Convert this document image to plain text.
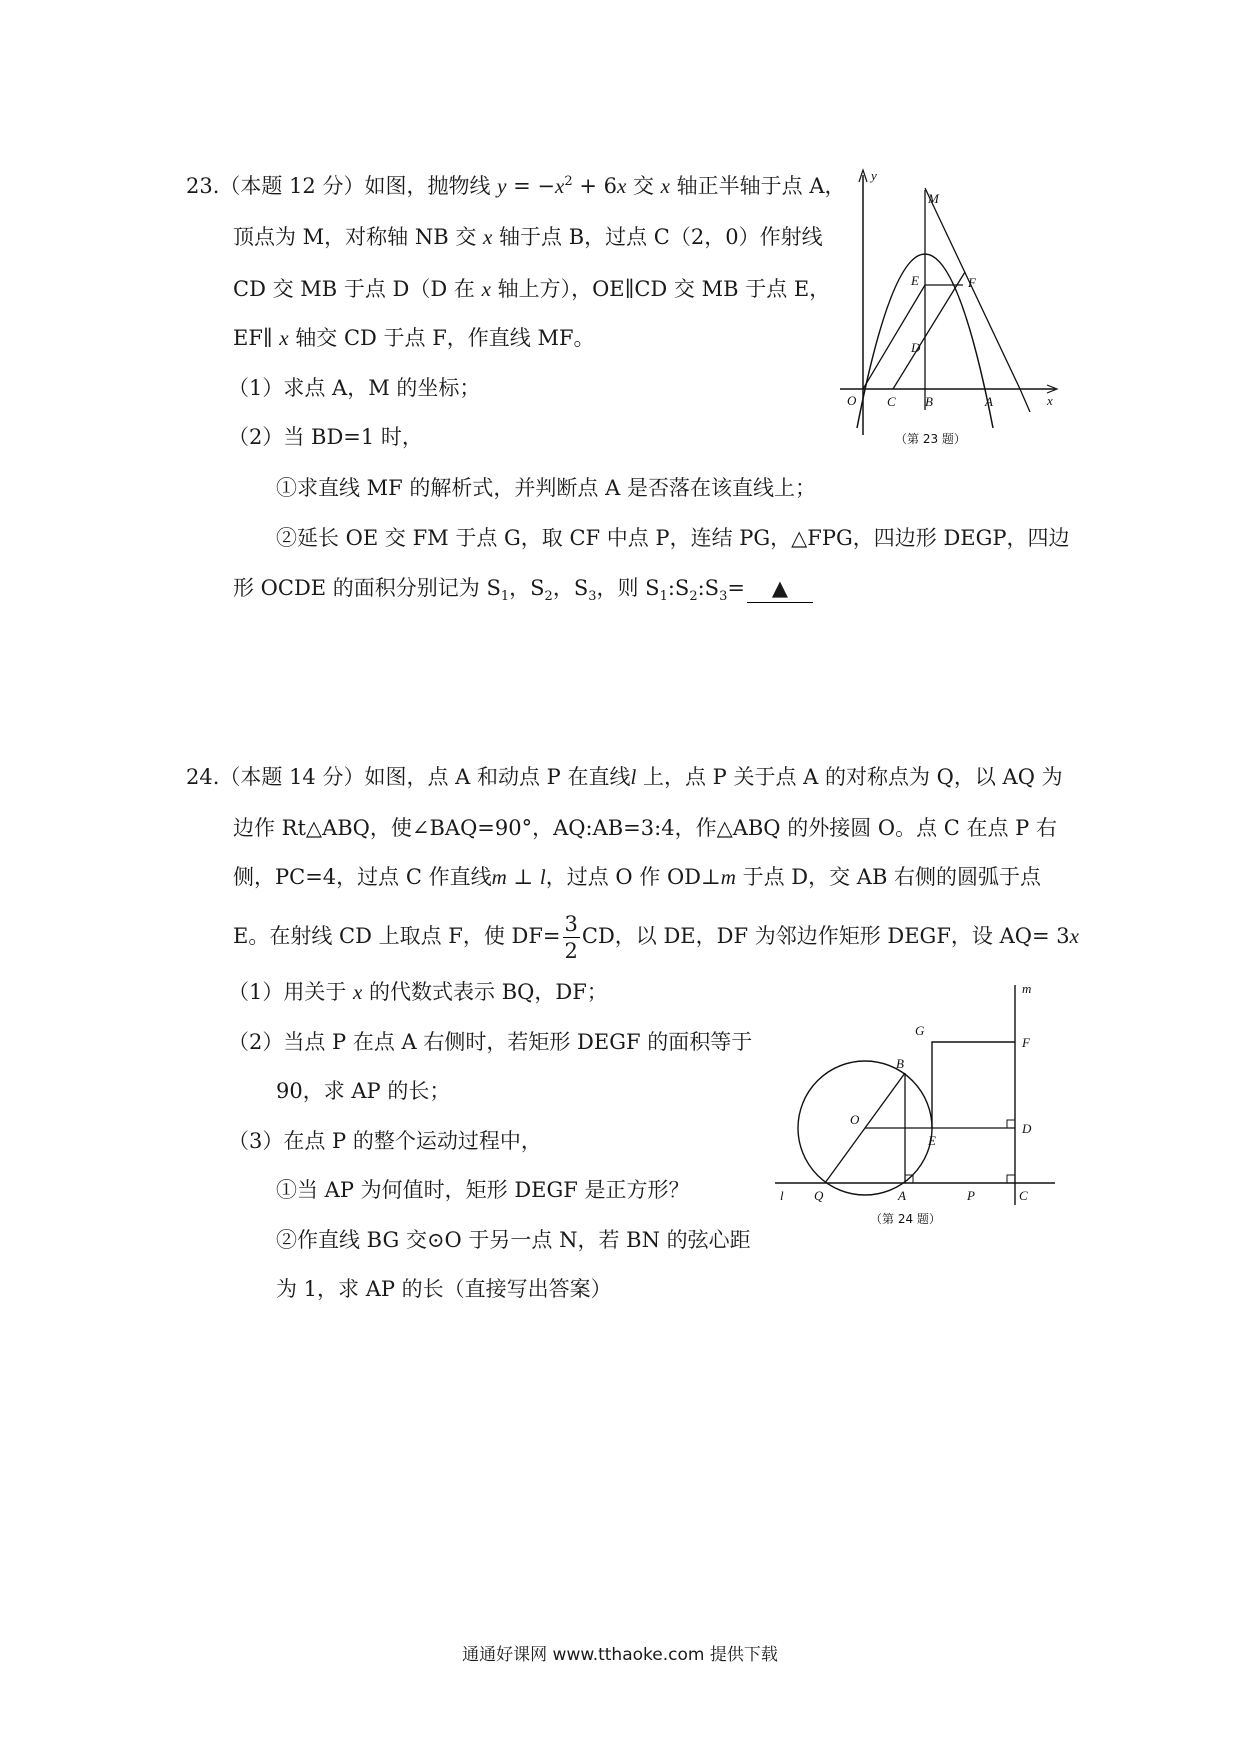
23.（本题 12 分）如图，抛物线 $y = -x^2 + 6x$ 交 x 轴正半轴于点 A，
顶点为 M，对称轴 NB 交 x 轴于点 B，过点 C（2，0）作射线
CD 交 MB 于点 D（D 在 x 轴上方），OE∥CD 交 MB 于点 E，
EF∥ x 轴交 CD 于点 F，作直线 MF。
（1）求点 A，M 的坐标；
（2）当 BD=1 时，
①求直线 MF 的解析式，并判断点 A 是否落在该直线上；
②延长 OE 交 FM 于点 G，取 CF 中点 P，连结 PG，△FPG，四边形 DEGP，四边
形 OCDE 的面积分别记为 $S_1$，$S_2$，$S_3$，则 $S_1:S_2:S_3=$ ▲
y
x
O C B	A
M
E	F
D
（第 23 题）
24.（本题 14 分）如图，点 A 和动点 P 在直线l 上，点 P 关于点 A 的对称点为 Q，以 AQ 为
边作 Rt△ABQ，使∠BAQ=90°，AQ:AB=3:4，作△ABQ 的外接圆 O。点 C 在点 P 右
侧，PC=4，过点 C 作直线m ⊥ l，过点 O 作 OD⊥m 于点 D，交 AB 右侧的圆弧于点
E。在射线 CD 上取点 F，使 $DF= \frac{3}{2}$ CD，以 DE，DF 为邻边作矩形 DEGF，设 AQ= 3x
（1）用关于 x 的代数式表示 BQ，DF；
（2）当点 P 在点 A 右侧时，若矩形 DEGF 的面积等于
90，求 AP 的长；
（3）在点 P 的整个运动过程中，
①当 AP 为何值时，矩形 DEGF 是正方形？
②作直线 BG 交⊙O 于另一点 N，若 BN 的弦心距
为 1，求 AP 的长（直接写出答案）
m
G
F
B
O
D
E
l Q	A	P	C
（第 24 题）
通通好课网 www.tthaoke.com 提供下载
